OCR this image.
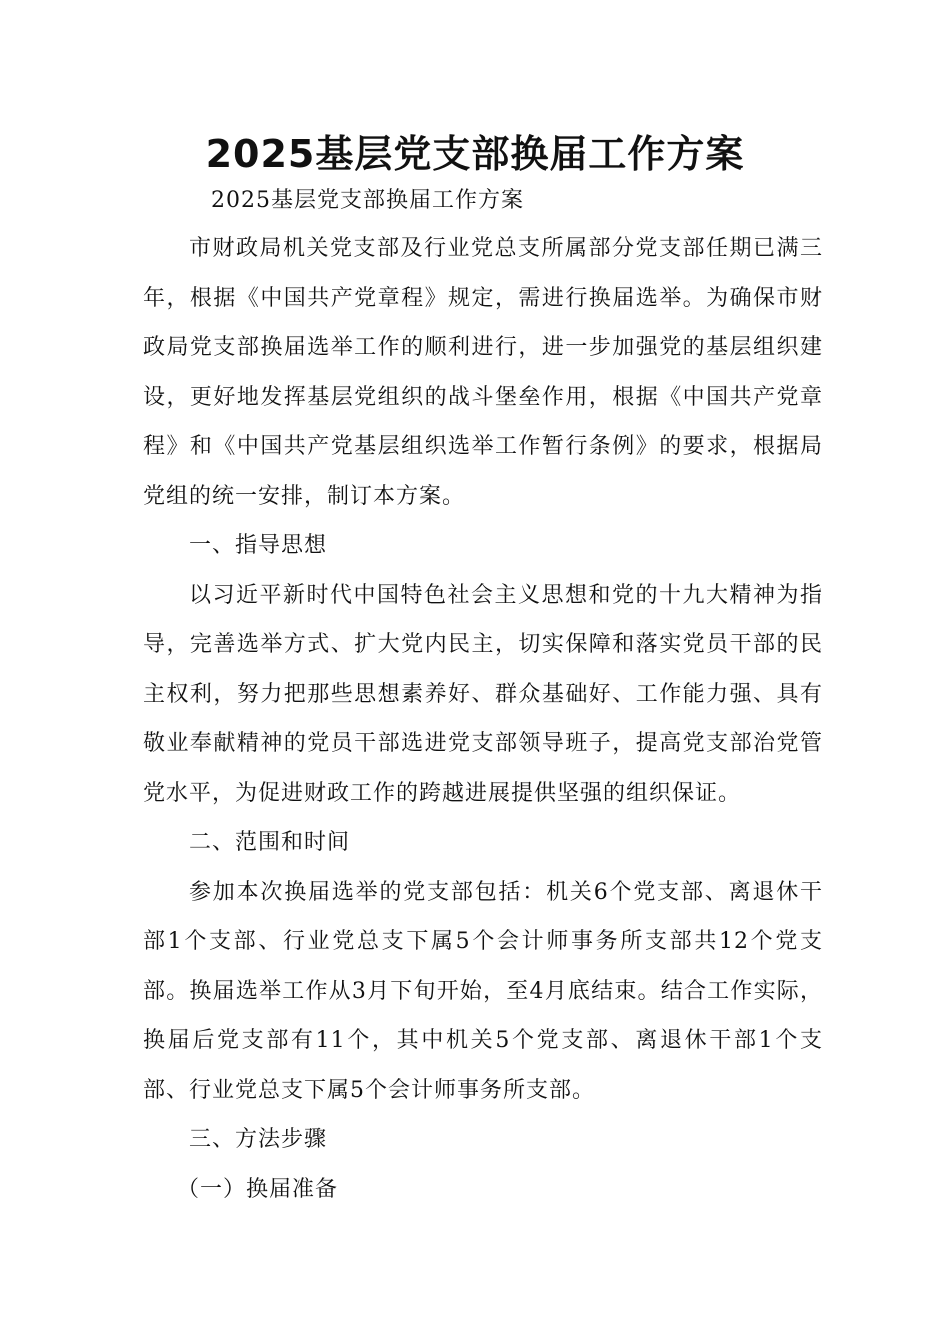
2025基层党支部换届工作方案

2025基层党支部换届工作方案

市财政局机关党支部及行业党总支所属部分党支部任期已满三年，根据《中国共产党章程》规定，需进行换届选举。为确保市财政局党支部换届选举工作的顺利进行，进一步加强党的基层组织建设，更好地发挥基层党组织的战斗堡垒作用，根据《中国共产党章程》和《中国共产党基层组织选举工作暂行条例》的要求，根据局党组的统一安排，制订本方案。

一、指导思想

以习近平新时代中国特色社会主义思想和党的十九大精神为指导，完善选举方式、扩大党内民主，切实保障和落实党员干部的民主权利，努力把那些思想素养好、群众基础好、工作能力强、具有敬业奉献精神的党员干部选进党支部领导班子，提高党支部治党管党水平，为促进财政工作的跨越进展提供坚强的组织保证。

二、范围和时间

参加本次换届选举的党支部包括：机关6个党支部、离退休干部1个支部、行业党总支下属5个会计师事务所支部共12个党支部。换届选举工作从3月下旬开始，至4月底结束。结合工作实际，换届后党支部有11个，其中机关5个党支部、离退休干部1个支部、行业党总支下属5个会计师事务所支部。

三、方法步骤

（一）换届准备
